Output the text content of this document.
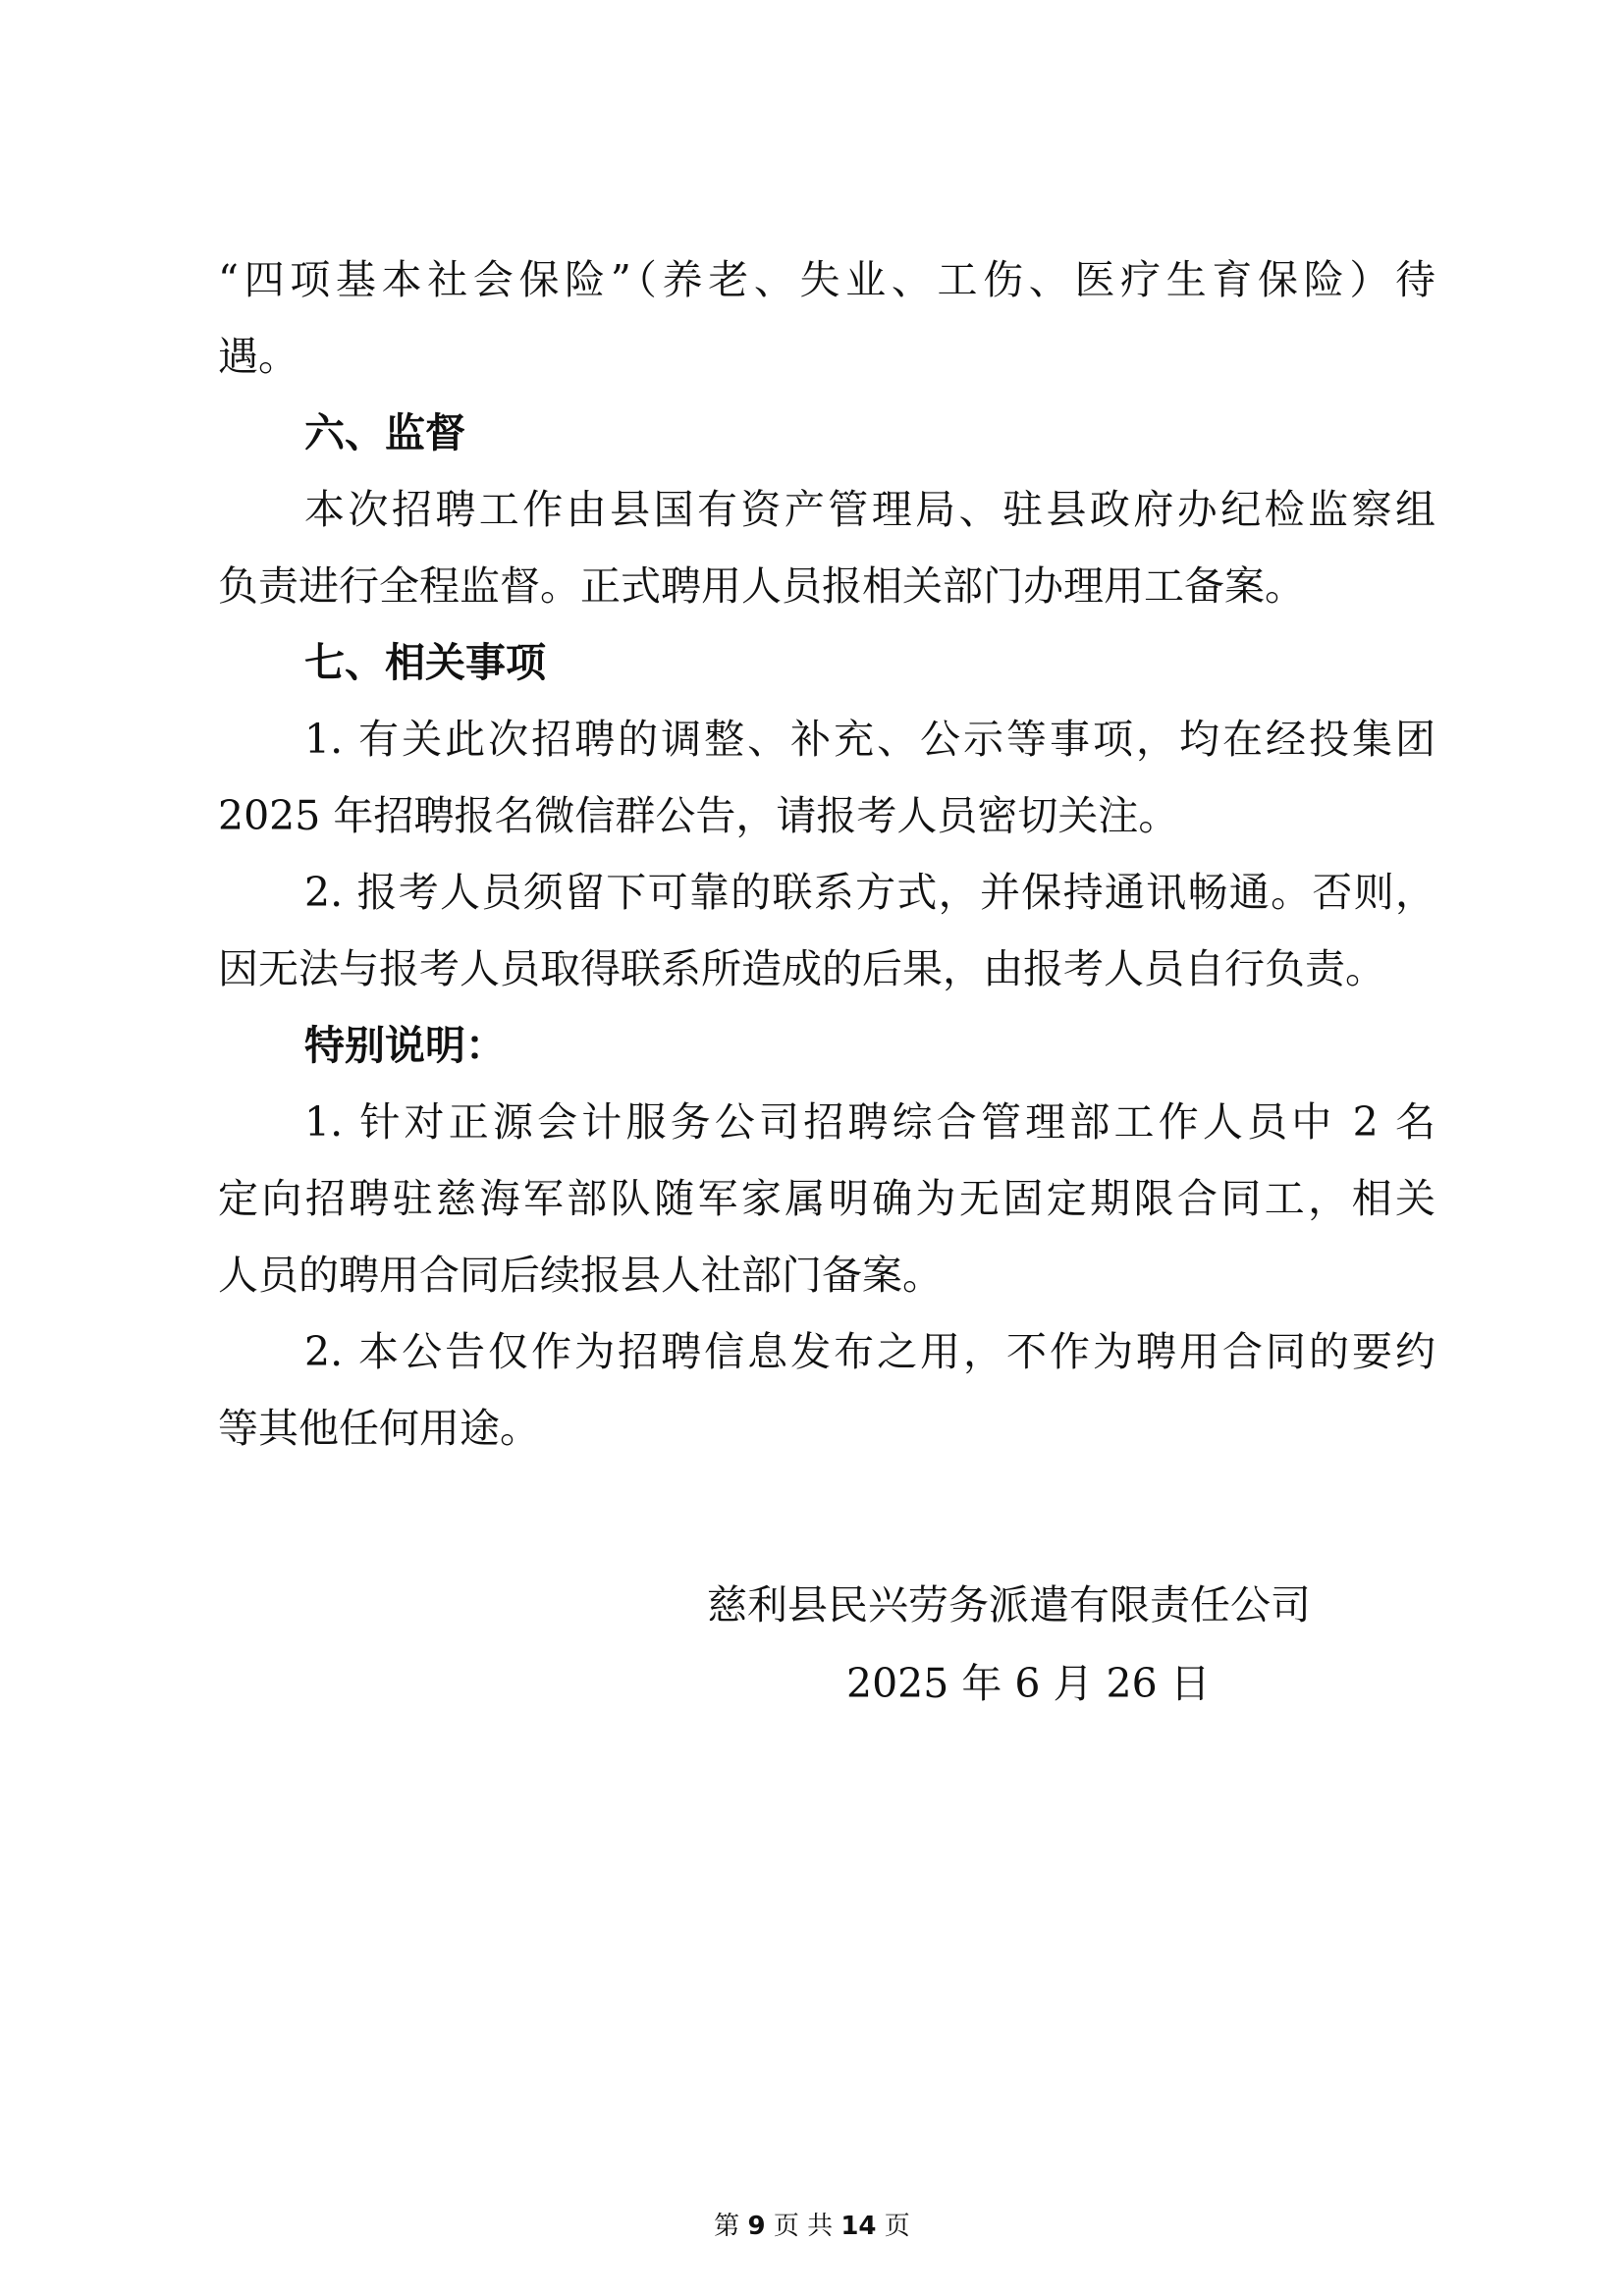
“四项基本社会保险”（养老、失业、工伤、医疗生育保险）待
遇。
六、监督
本次招聘工作由县国有资产管理局、驻县政府办纪检监察组
负责进行全程监督。正式聘用人员报相关部门办理用工备案。
七、相关事项
1. 有关此次招聘的调整、补充、公示等事项，均在经投集团
2025 年招聘报名微信群公告，请报考人员密切关注。
2. 报考人员须留下可靠的联系方式，并保持通讯畅通。否则，
因无法与报考人员取得联系所造成的后果，由报考人员自行负责。
特别说明：
1. 针对正源会计服务公司招聘综合管理部工作人员中 2 名
定向招聘驻慈海军部队随军家属明确为无固定期限合同工，相关
人员的聘用合同后续报县人社部门备案。
2. 本公告仅作为招聘信息发布之用，不作为聘用合同的要约
等其他任何用途。
慈利县民兴劳务派遣有限责任公司
2025 年 6 月 26 日
第 9 页 共 14 页
